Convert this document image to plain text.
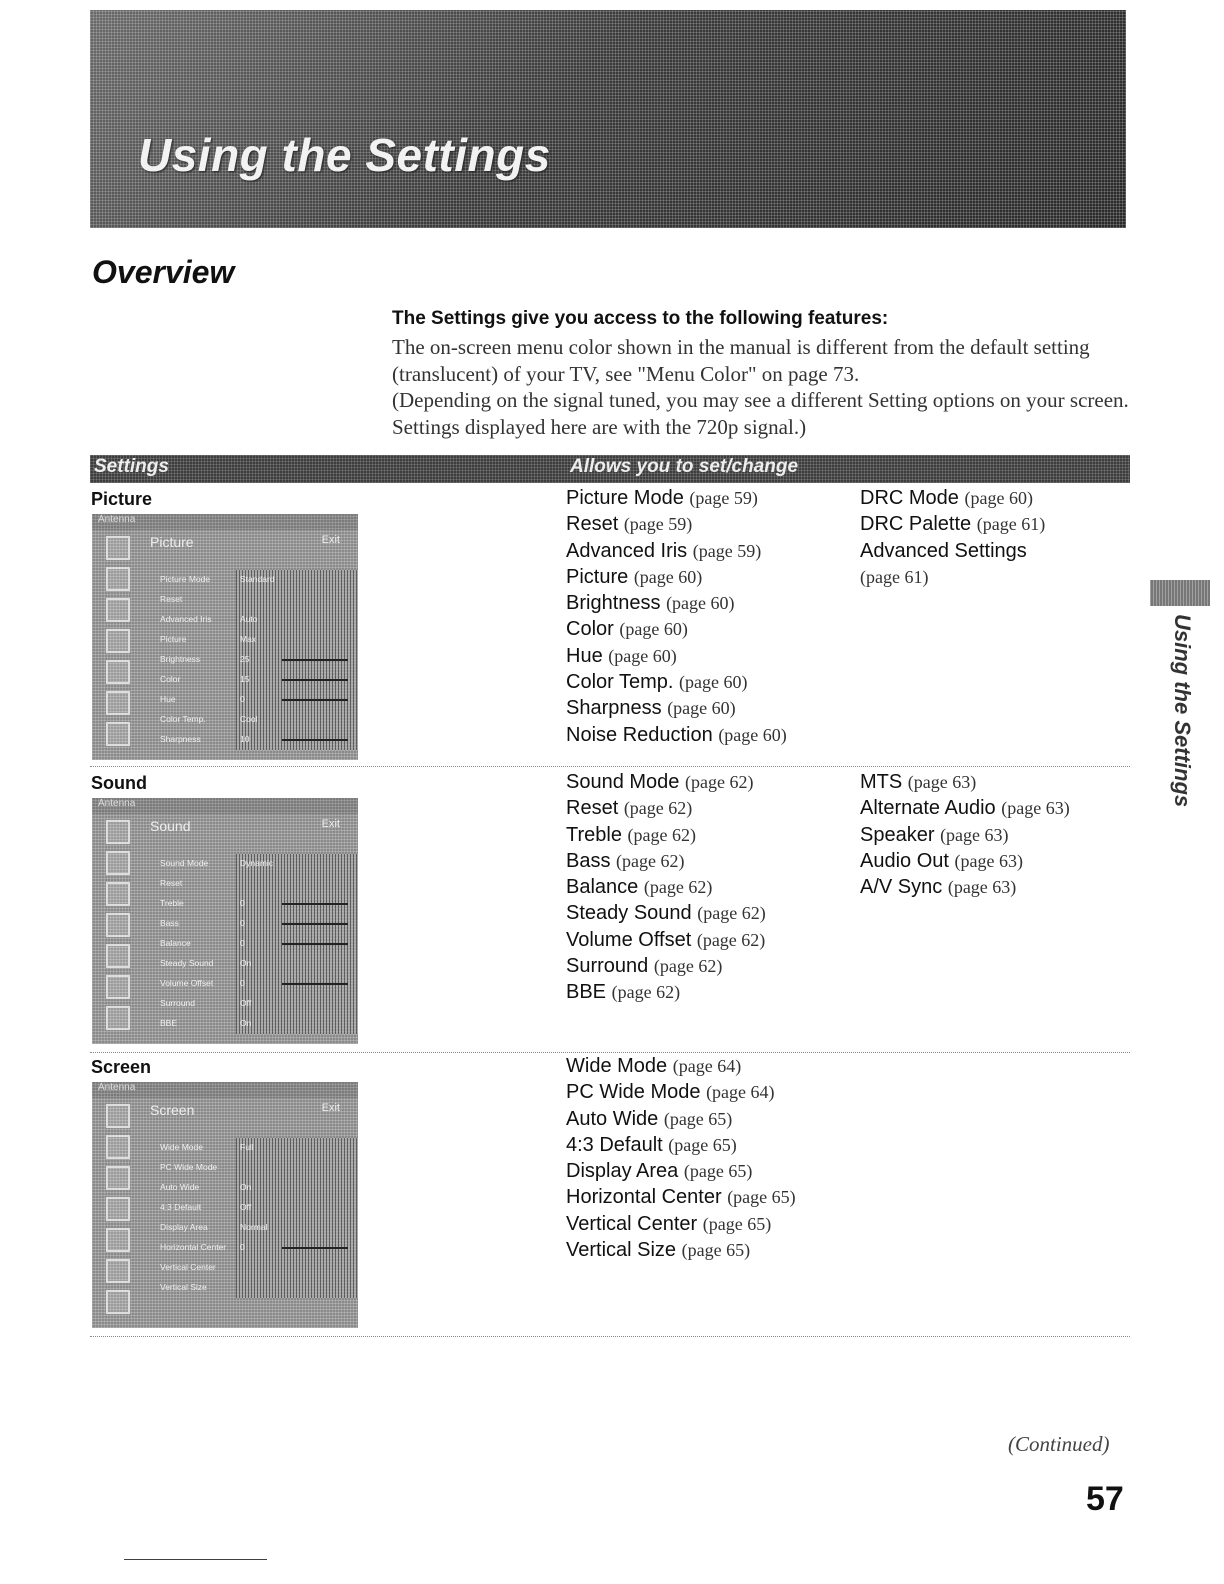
Using the Settings
Overview
The Settings give you access to the following features:

The on-screen menu color shown in the manual is different from the default setting (translucent) of your TV, see "Menu Color" on page 73.

(Depending on the signal tuned, you may see a different Setting options on your screen. Settings displayed here are with the 720p signal.)

Settings	Allows you to set/change
Picture
Antenna
Picture	Exit
Picture Mode	Standard
Reset
Advanced Iris	Auto
Picture	Max
Brightness	25
Color	15
Hue	0
Color Temp.	Cool
Sharpness	10
Picture Mode (page 59)
Reset (page 59)
Advanced Iris (page 59)
Picture (page 60)
Brightness (page 60)
Color (page 60)
Hue (page 60)
Color Temp. (page 60)
Sharpness (page 60)
Noise Reduction (page 60)
DRC Mode (page 60)
DRC Palette (page 61)
Advanced Settings
(page 61)
Sound
Antenna
Sound	Exit
Sound Mode	Dynamic
Reset
Treble	0
Bass	0
Balance	0
Steady Sound	On
Volume Offset	0
Surround	Off
BBE	On
Sound Mode (page 62)
Reset (page 62)
Treble (page 62)
Bass (page 62)
Balance (page 62)
Steady Sound (page 62)
Volume Offset (page 62)
Surround (page 62)
BBE (page 62)
MTS (page 63)
Alternate Audio (page 63)
Speaker (page 63)
Audio Out (page 63)
A/V Sync (page 63)
Screen
Antenna
Screen	Exit
Wide Mode	Full
PC Wide Mode
Auto Wide	On
4:3 Default	Off
Display Area	Normal
Horizontal Center 0
Vertical Center
Vertical Size
Wide Mode (page 64)
PC Wide Mode (page 64)
Auto Wide (page 65)
4:3 Default (page 65)
Display Area (page 65)
Horizontal Center (page 65)
Vertical Center (page 65)
Vertical Size (page 65)
Using the Settings
(Continued)
57
